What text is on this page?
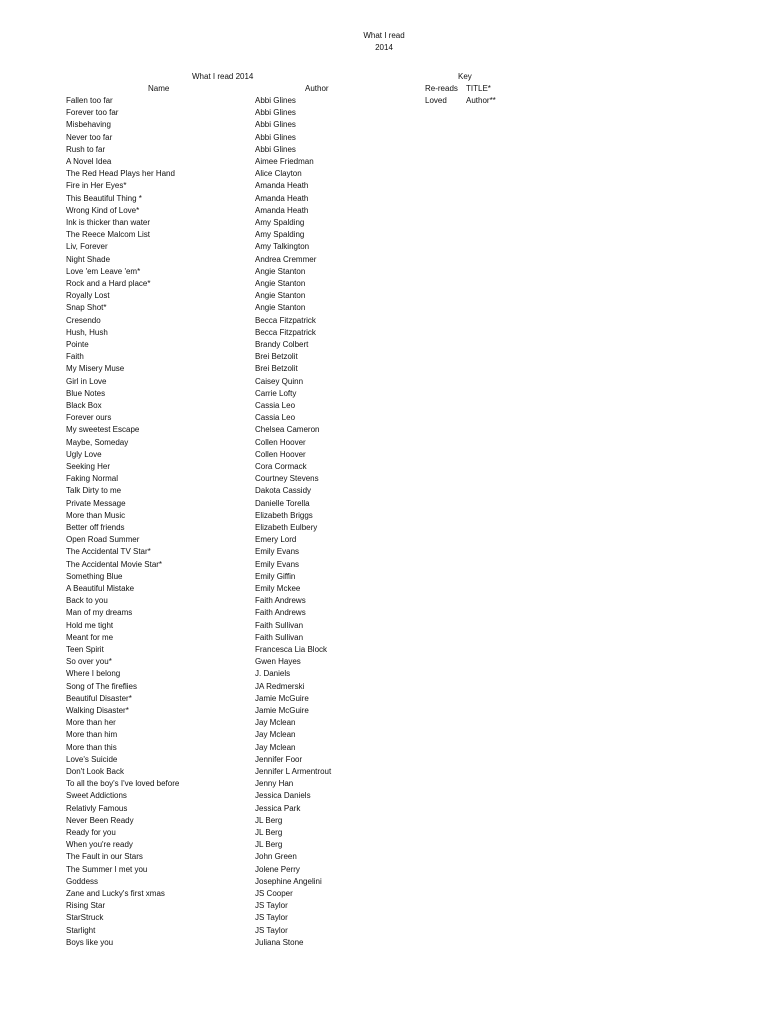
What I read
2014
What I read 2014
Name	Author
Key
Re-reads TITLE*
Loved Author**
Fallen too far	Abbi Glines
Forever too far	Abbi Glines
Misbehaving	Abbi Glines
Never too far	Abbi Glines
Rush to far	Abbi Glines
A Novel Idea	Aimee Friedman
The Red Head Plays her Hand	Alice Clayton
Fire in Her Eyes*	Amanda Heath
This Beautiful Thing *	Amanda Heath
Wrong Kind of Love*	Amanda Heath
Ink is thicker than water	Amy Spalding
The Reece Malcom List	Amy Spalding
Liv, Forever	Amy Talkington
Night Shade	Andrea Cremmer
Love 'em Leave 'em*	Angie Stanton
Rock and a Hard place*	Angie Stanton
Royally Lost	Angie Stanton
Snap Shot*	Angie Stanton
Cresendo	Becca Fitzpatrick
Hush, Hush	Becca Fitzpatrick
Pointe	Brandy Colbert
Faith	Brei Betzolit
My Misery Muse	Brei Betzolit
Girl in Love	Caisey Quinn
Blue Notes	Carrie Lofty
Black Box	Cassia Leo
Forever ours	Cassia Leo
My sweetest Escape	Chelsea Cameron
Maybe, Someday	Collen Hoover
Ugly Love	Collen Hoover
Seeking Her	Cora Cormack
Faking Normal	Courtney Stevens
Talk Dirty to me	Dakota Cassidy
Private Message	Danielle Torella
More than Music	Elizabeth Briggs
Better off friends	Elizabeth Eulbery
Open Road Summer	Emery Lord
The Accidental TV Star*	Emily Evans
The Accidental Movie Star*	Emily Evans
Something Blue	Emily Giffin
A Beautiful Mistake	Emily Mckee
Back to you	Faith Andrews
Man of my dreams	Faith Andrews
Hold me tight	Faith Sullivan
Meant for me	Faith Sullivan
Teen Spirit	Francesca Lia Block
So over you*	Gwen Hayes
Where I belong	J. Daniels
Song of The fireflies	JA Redmerski
Beautiful Disaster*	Jamie McGuire
Walking Disaster*	Jamie McGuire
More than her	Jay Mclean
More than him	Jay Mclean
More than this	Jay Mclean
Love's Suicide	Jennifer Foor
Don't Look Back	Jennifer L Armentrout
To all the boy's I've loved before	Jenny Han
Sweet Addictions	Jessica Daniels
Relativly Famous	Jessica Park
Never Been Ready	JL Berg
Ready for you	JL Berg
When you're ready	JL Berg
The Fault in our Stars	John Green
The Summer I met you	Jolene Perry
Goddess	Josephine Angelini
Zane and Lucky's first xmas	JS Cooper
Rising Star	JS Taylor
StarStruck	JS Taylor
Starlight	JS Taylor
Boys like you	Juliana Stone
